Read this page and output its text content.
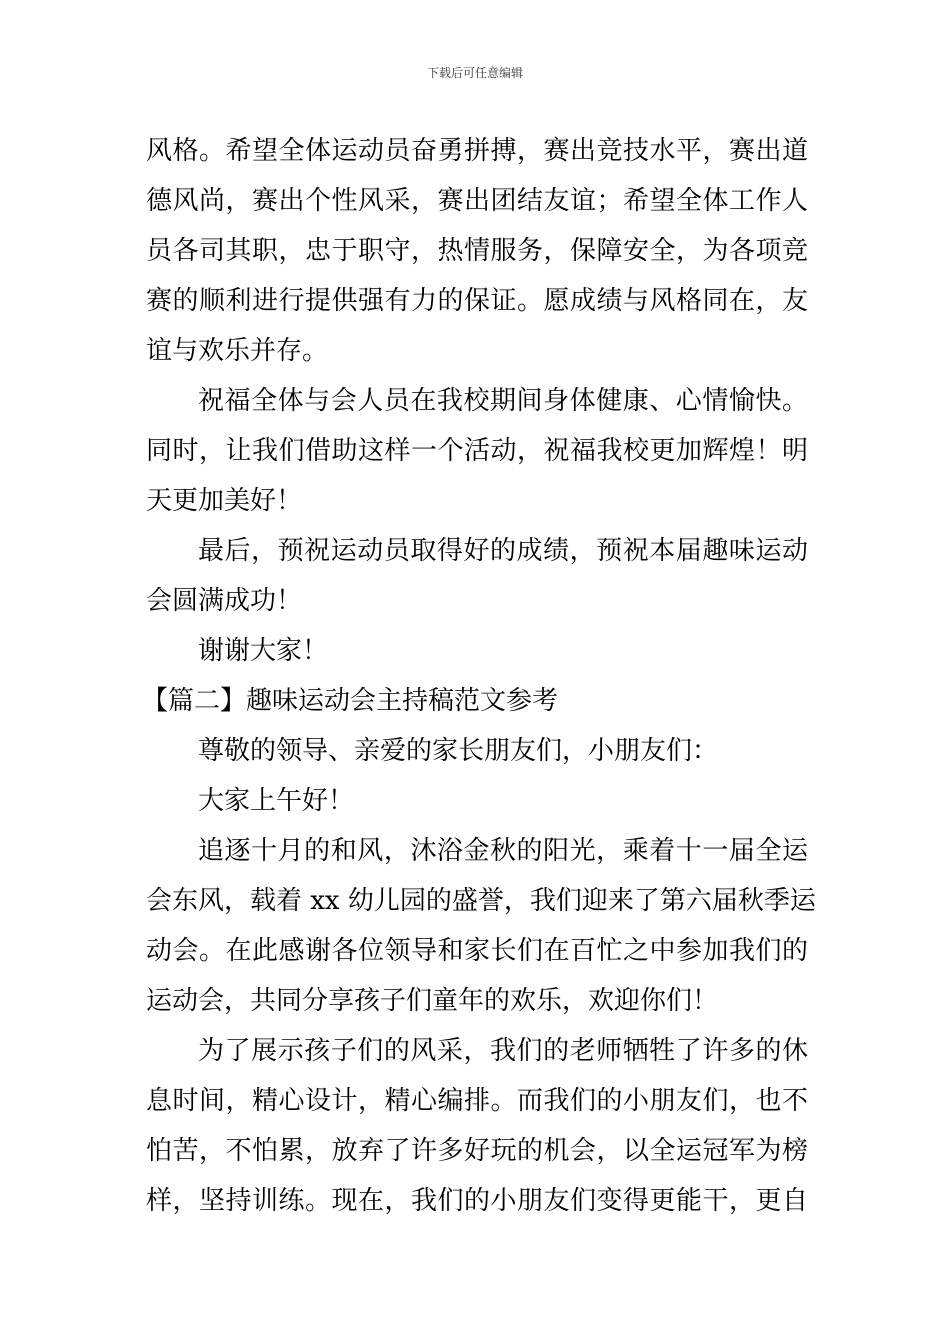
下载后可任意编辑
风格。希望全体运动员奋勇拼搏，赛出竞技水平，赛出道
德风尚，赛出个性风采，赛出团结友谊；希望全体工作人
员各司其职，忠于职守，热情服务，保障安全，为各项竞
赛的顺利进行提供强有力的保证。愿成绩与风格同在，友
谊与欢乐并存。
祝福全体与会人员在我校期间身体健康、心情愉快。
同时，让我们借助这样一个活动，祝福我校更加辉煌！明
天更加美好！
最后，预祝运动员取得好的成绩，预祝本届趣味运动
会圆满成功！
谢谢大家！
【篇二】趣味运动会主持稿范文参考
尊敬的领导、亲爱的家长朋友们，小朋友们：
大家上午好！
追逐十月的和风，沐浴金秋的阳光，乘着十一届全运
会东风，载着 xx 幼儿园的盛誉，我们迎来了第六届秋季运
动会。在此感谢各位领导和家长们在百忙之中参加我们的
运动会，共同分享孩子们童年的欢乐，欢迎你们！
为了展示孩子们的风采，我们的老师牺牲了许多的休
息时间，精心设计，精心编排。而我们的小朋友们，也不
怕苦，不怕累，放弃了许多好玩的机会，以全运冠军为榜
样，坚持训练。现在，我们的小朋友们变得更能干，更自
